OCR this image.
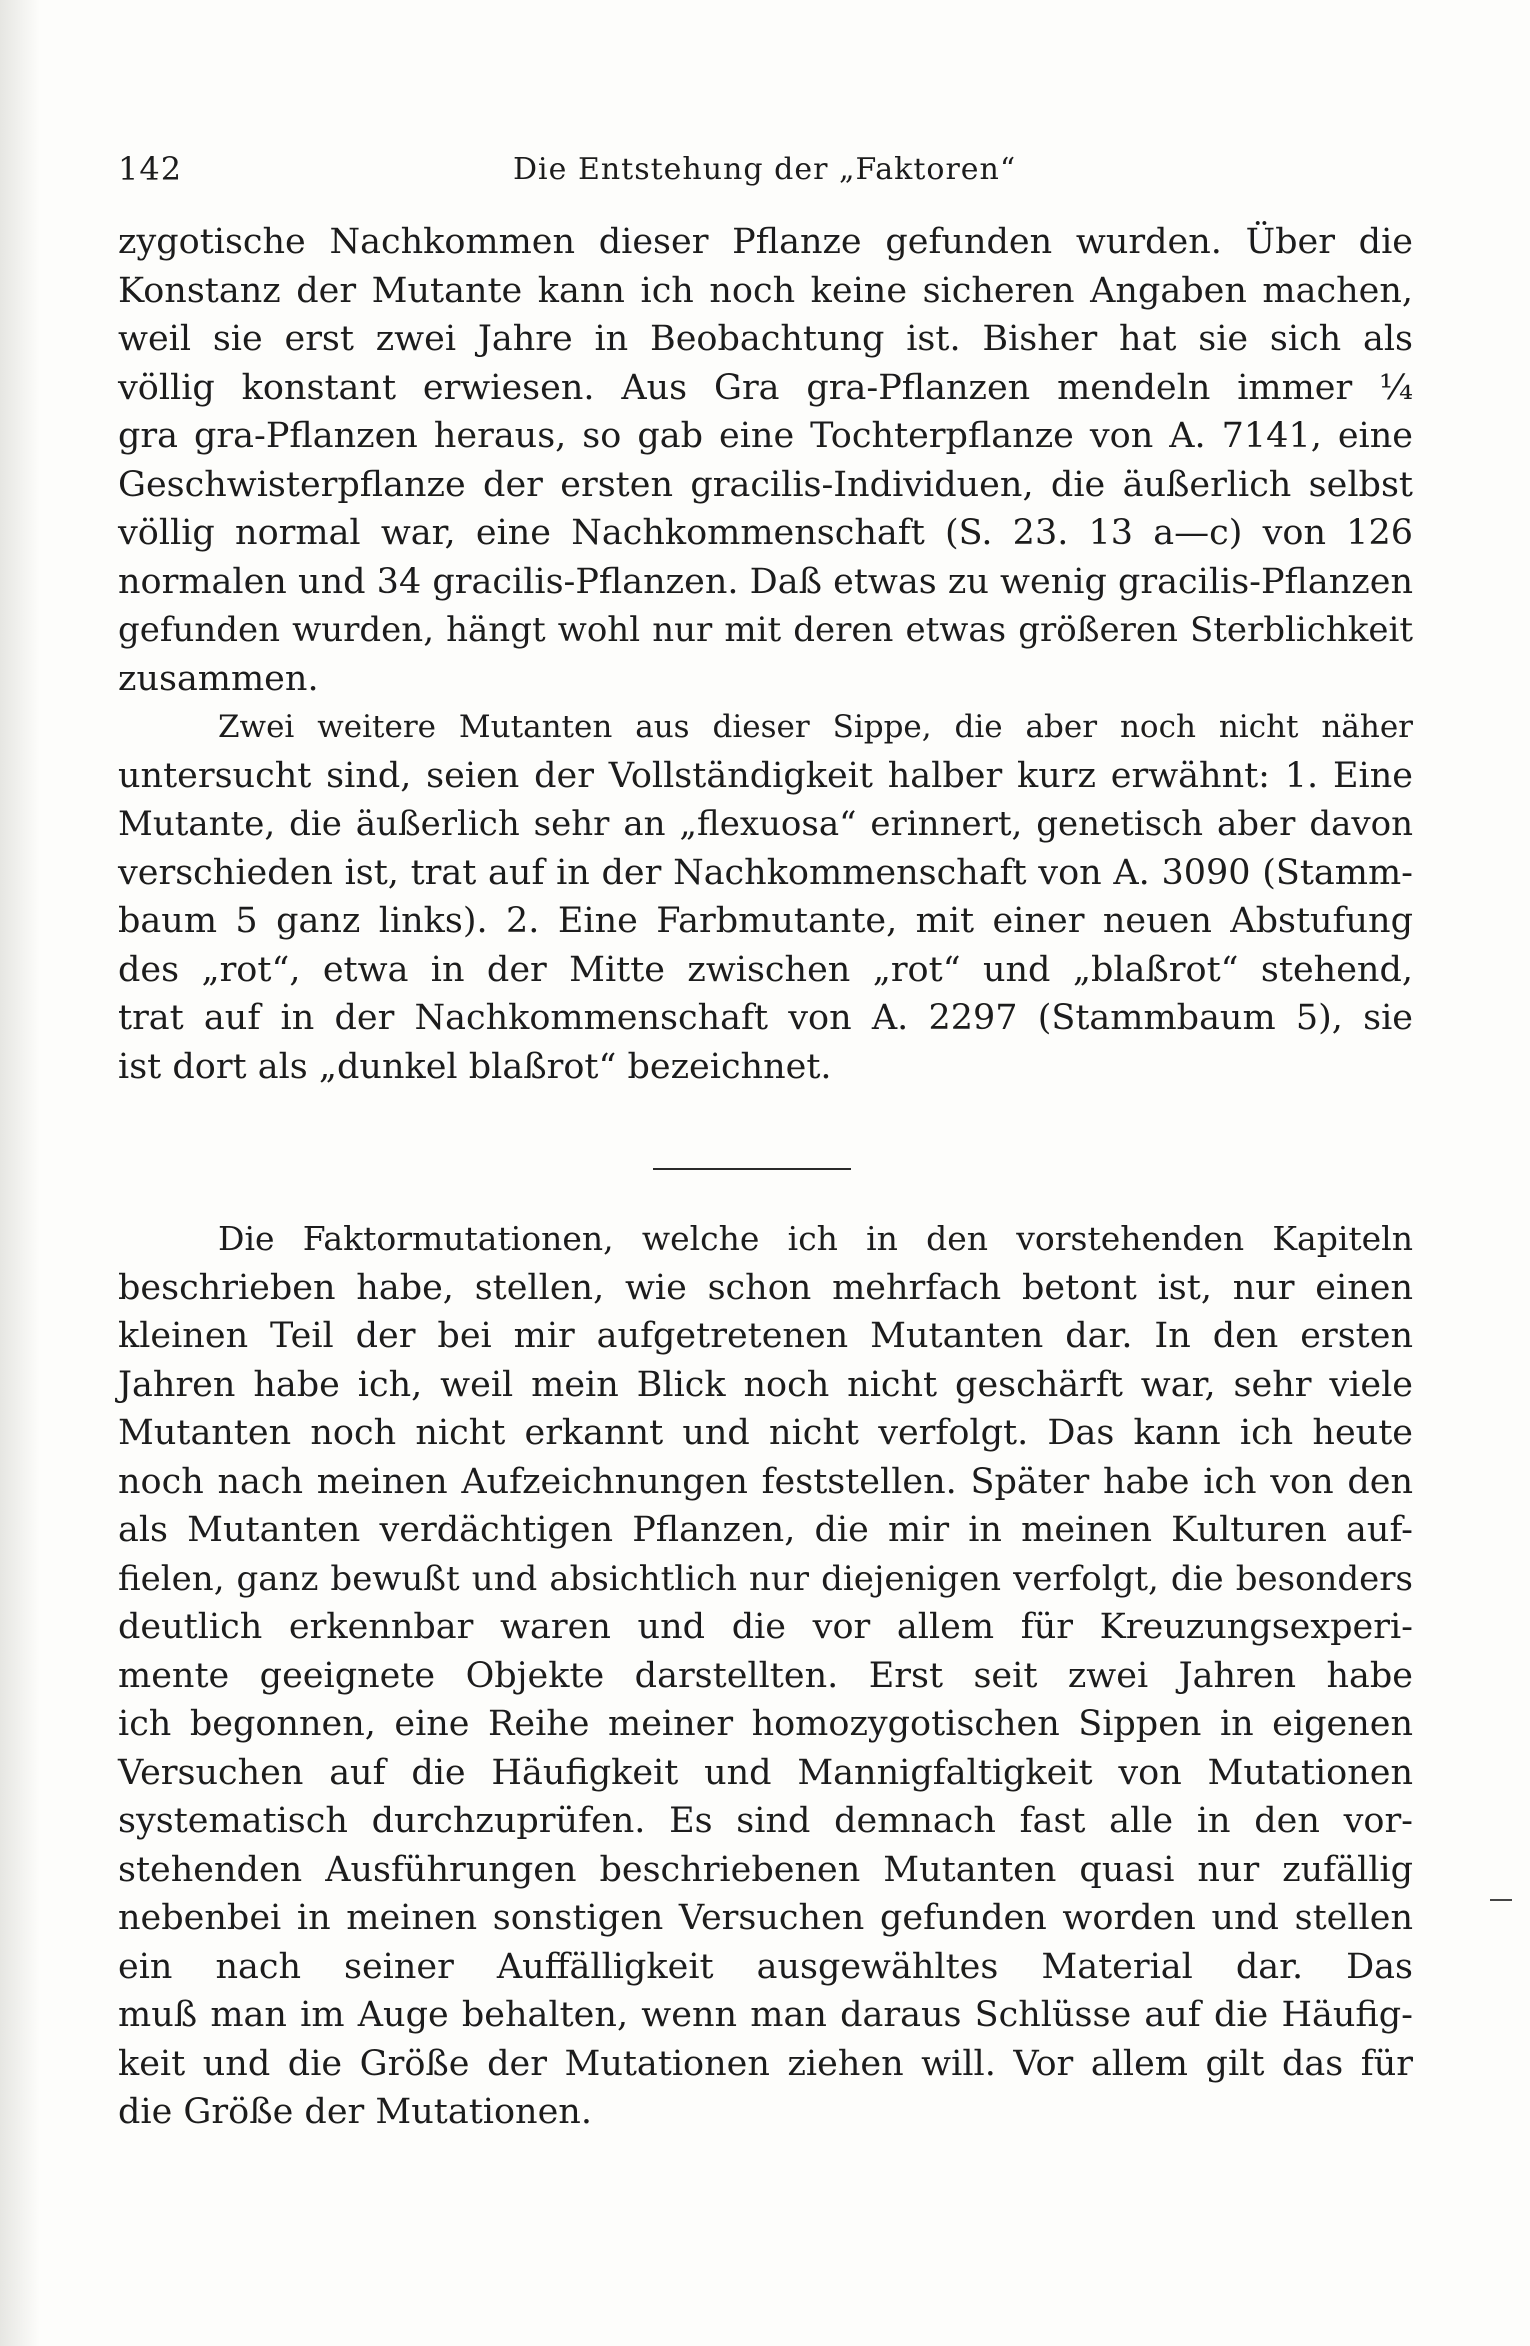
142	Die Entstehung der „Faktoren“
zygotische Nachkommen dieser Pflanze gefunden wurden. Über die
Konstanz der Mutante kann ich noch keine sicheren Angaben machen,
weil sie erst zwei Jahre in Beobachtung ist. Bisher hat sie sich als
völlig konstant erwiesen. Aus Gra gra-Pflanzen mendeln immer ¼
gra gra-Pflanzen heraus, so gab eine Tochterpflanze von A. 7141, eine
Geschwisterpflanze der ersten gracilis-Individuen, die äußerlich selbst
völlig normal war, eine Nachkommenschaft (S. 23. 13 a—c) von 126
normalen und 34 gracilis-Pflanzen. Daß etwas zu wenig gracilis-Pflanzen
gefunden wurden, hängt wohl nur mit deren etwas größeren Sterblichkeit
zusammen.
Zwei weitere Mutanten aus dieser Sippe, die aber noch nicht näher
untersucht sind, seien der Vollständigkeit halber kurz erwähnt: 1. Eine
Mutante, die äußerlich sehr an „flexuosa“ erinnert, genetisch aber davon
verschieden ist, trat auf in der Nachkommenschaft von A. 3090 (Stamm-
baum 5 ganz links). 2. Eine Farbmutante, mit einer neuen Abstufung
des „rot“, etwa in der Mitte zwischen „rot“ und „blaßrot“ stehend,
trat auf in der Nachkommenschaft von A. 2297 (Stammbaum 5), sie
ist dort als „dunkel blaßrot“ bezeichnet.
Die Faktormutationen, welche ich in den vorstehenden Kapiteln
beschrieben habe, stellen, wie schon mehrfach betont ist, nur einen
kleinen Teil der bei mir aufgetretenen Mutanten dar. In den ersten
Jahren habe ich, weil mein Blick noch nicht geschärft war, sehr viele
Mutanten noch nicht erkannt und nicht verfolgt. Das kann ich heute
noch nach meinen Aufzeichnungen feststellen. Später habe ich von den
als Mutanten verdächtigen Pflanzen, die mir in meinen Kulturen auf-
fielen, ganz bewußt und absichtlich nur diejenigen verfolgt, die besonders
deutlich erkennbar waren und die vor allem für Kreuzungsexperi-
mente geeignete Objekte darstellten. Erst seit zwei Jahren habe
ich begonnen, eine Reihe meiner homozygotischen Sippen in eigenen
Versuchen auf die Häufigkeit und Mannigfaltigkeit von Mutationen
systematisch durchzuprüfen. Es sind demnach fast alle in den vor-
stehenden Ausführungen beschriebenen Mutanten quasi nur zufällig
nebenbei in meinen sonstigen Versuchen gefunden worden und stellen
ein nach seiner Auffälligkeit ausgewähltes Material dar. Das
muß man im Auge behalten, wenn man daraus Schlüsse auf die Häufig-
keit und die Größe der Mutationen ziehen will. Vor allem gilt das für
die Größe der Mutationen.
